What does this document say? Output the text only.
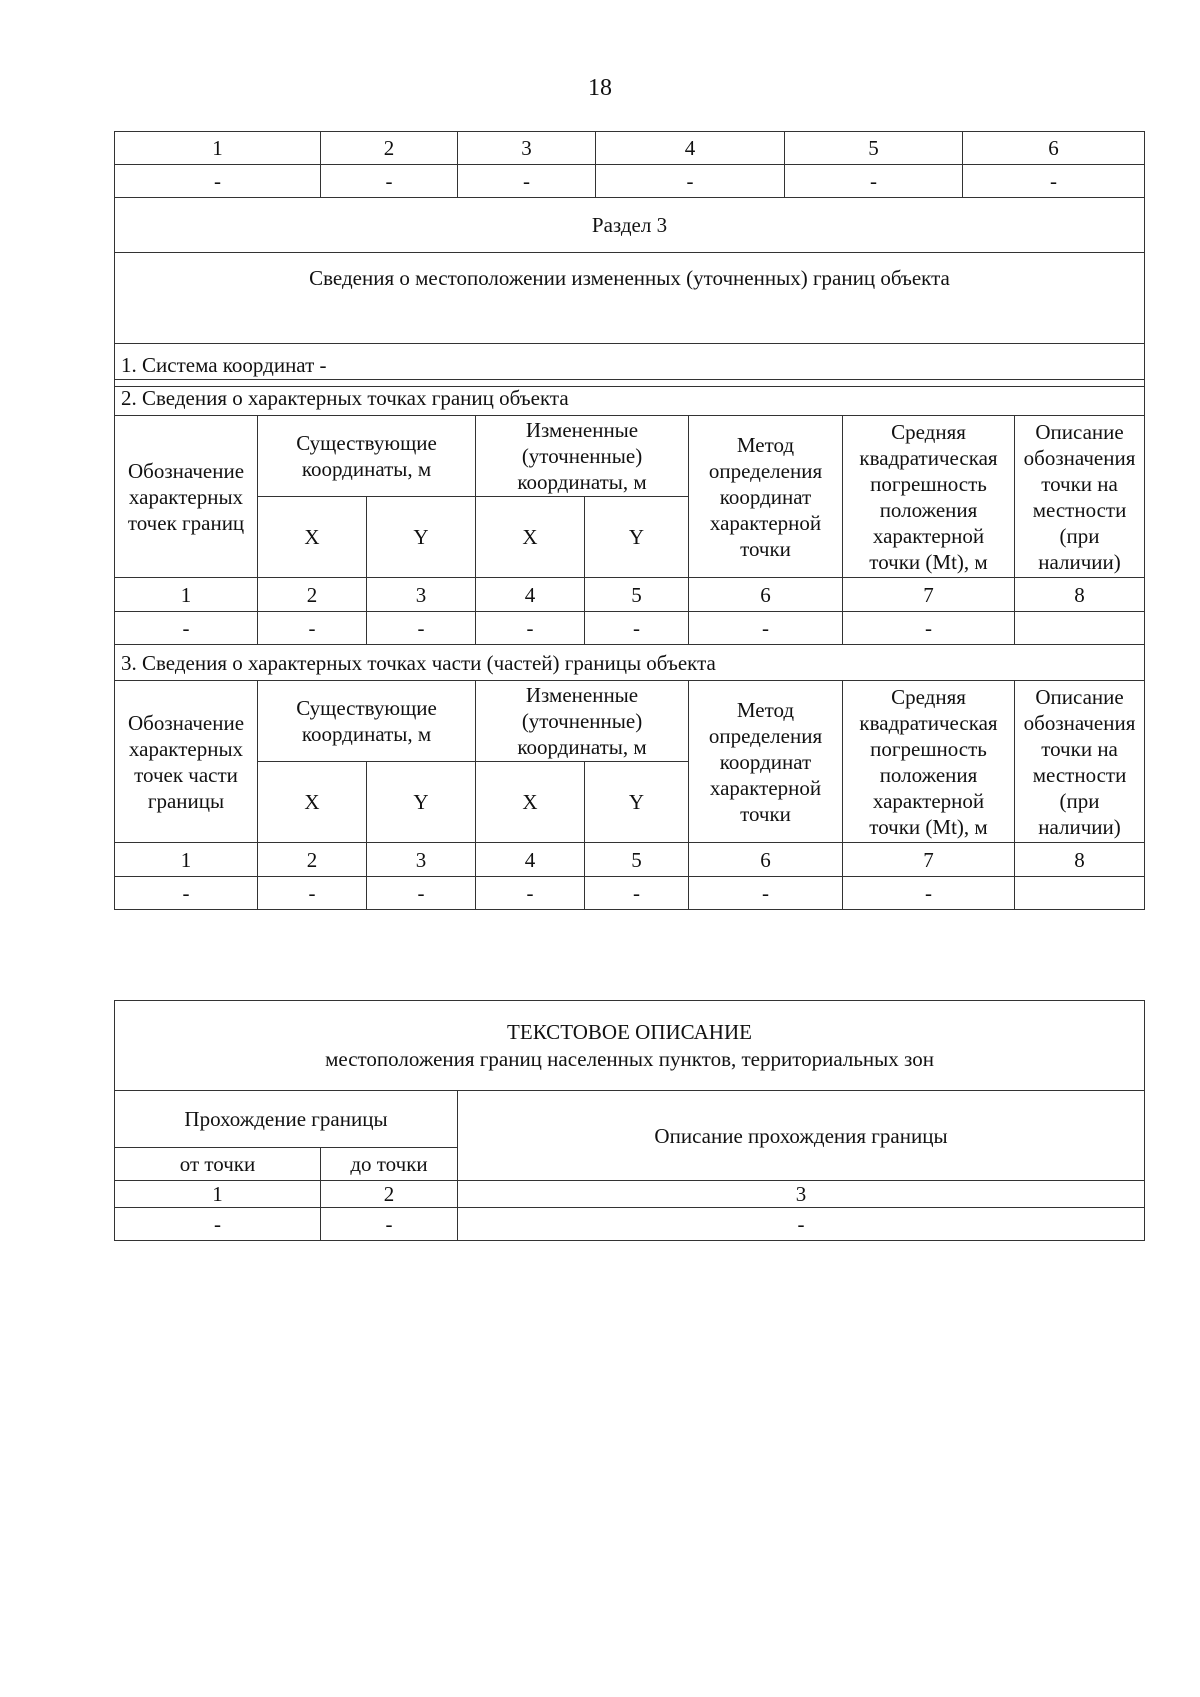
18
1	2	3	4	5	6
-	-	-	-	-	-
Раздел 3					
Сведения о местоположении измененных (уточненных) границ объекта					
1. Система координат -					
2. Сведения о характерных точках границ объекта							
Обозначение характерных точек границ	Существующие координаты, м		Измененные (уточненные) координаты, м		Метод определения координат характерной точки	Средняя квадратическая погрешность положения характерной точки (Mt), м	Описание обозначения точки на местности (при наличии)
	X	Y	X	Y			
1	2	3	4	5	6	7	8
-	-	-	-	-	-	-	
3. Сведения о характерных точках части (частей) границы объекта							
Обозначение характерных точек части границы	Существующие координаты, м		Измененные (уточненные) координаты, м		Метод определения координат характерной точки	Средняя квадратическая погрешность положения характерной точки (Mt), м	Описание обозначения точки на местности (при наличии)
	X	Y	X	Y			
1	2	3	4	5	6	7	8
-	-	-	-	-	-	-	
ТЕКСТОВОЕ ОПИСАНИЕ
местоположения границ населенных пунктов, территориальных зон		

Прохождение границы		Описание прохождения границы
от точки	до точки	
1	2	3
-	-	-
